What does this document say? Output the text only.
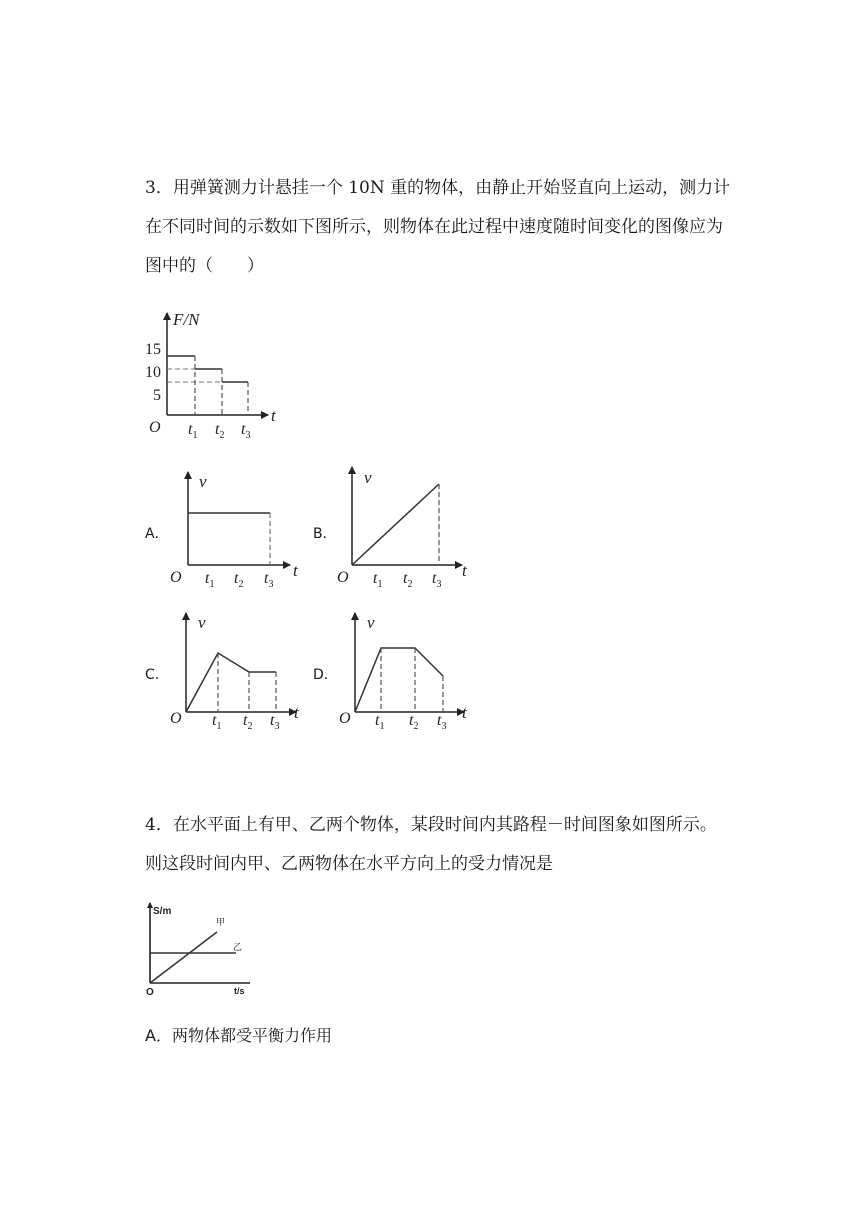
3．用弹簧测力计悬挂一个 10N 重的物体，由静止开始竖直向上运动，测力计
在不同时间的示数如下图所示，则物体在此过程中速度随时间变化的图像应为
图中的（　　）
F/N
15
10
5
O
t
$t_1$ $t_2$ $t_3$
A．
v
O	t
$t_1$ $t_2$ $t_3$
B．
v
O	t
$t_1$ $t_2$ $t_3$
C．
v
O	t
$t_1$ $t_2$ $t_3$
D．
v
O	t
$t_1$ $t_2$ $t_3$
4．在水平面上有甲、乙两个物体，某段时间内其路程－时间图象如图所示。
则这段时间内甲、乙两物体在水平方向上的受力情况是
S/m
t/s
O
甲
乙
A．两物体都受平衡力作用
